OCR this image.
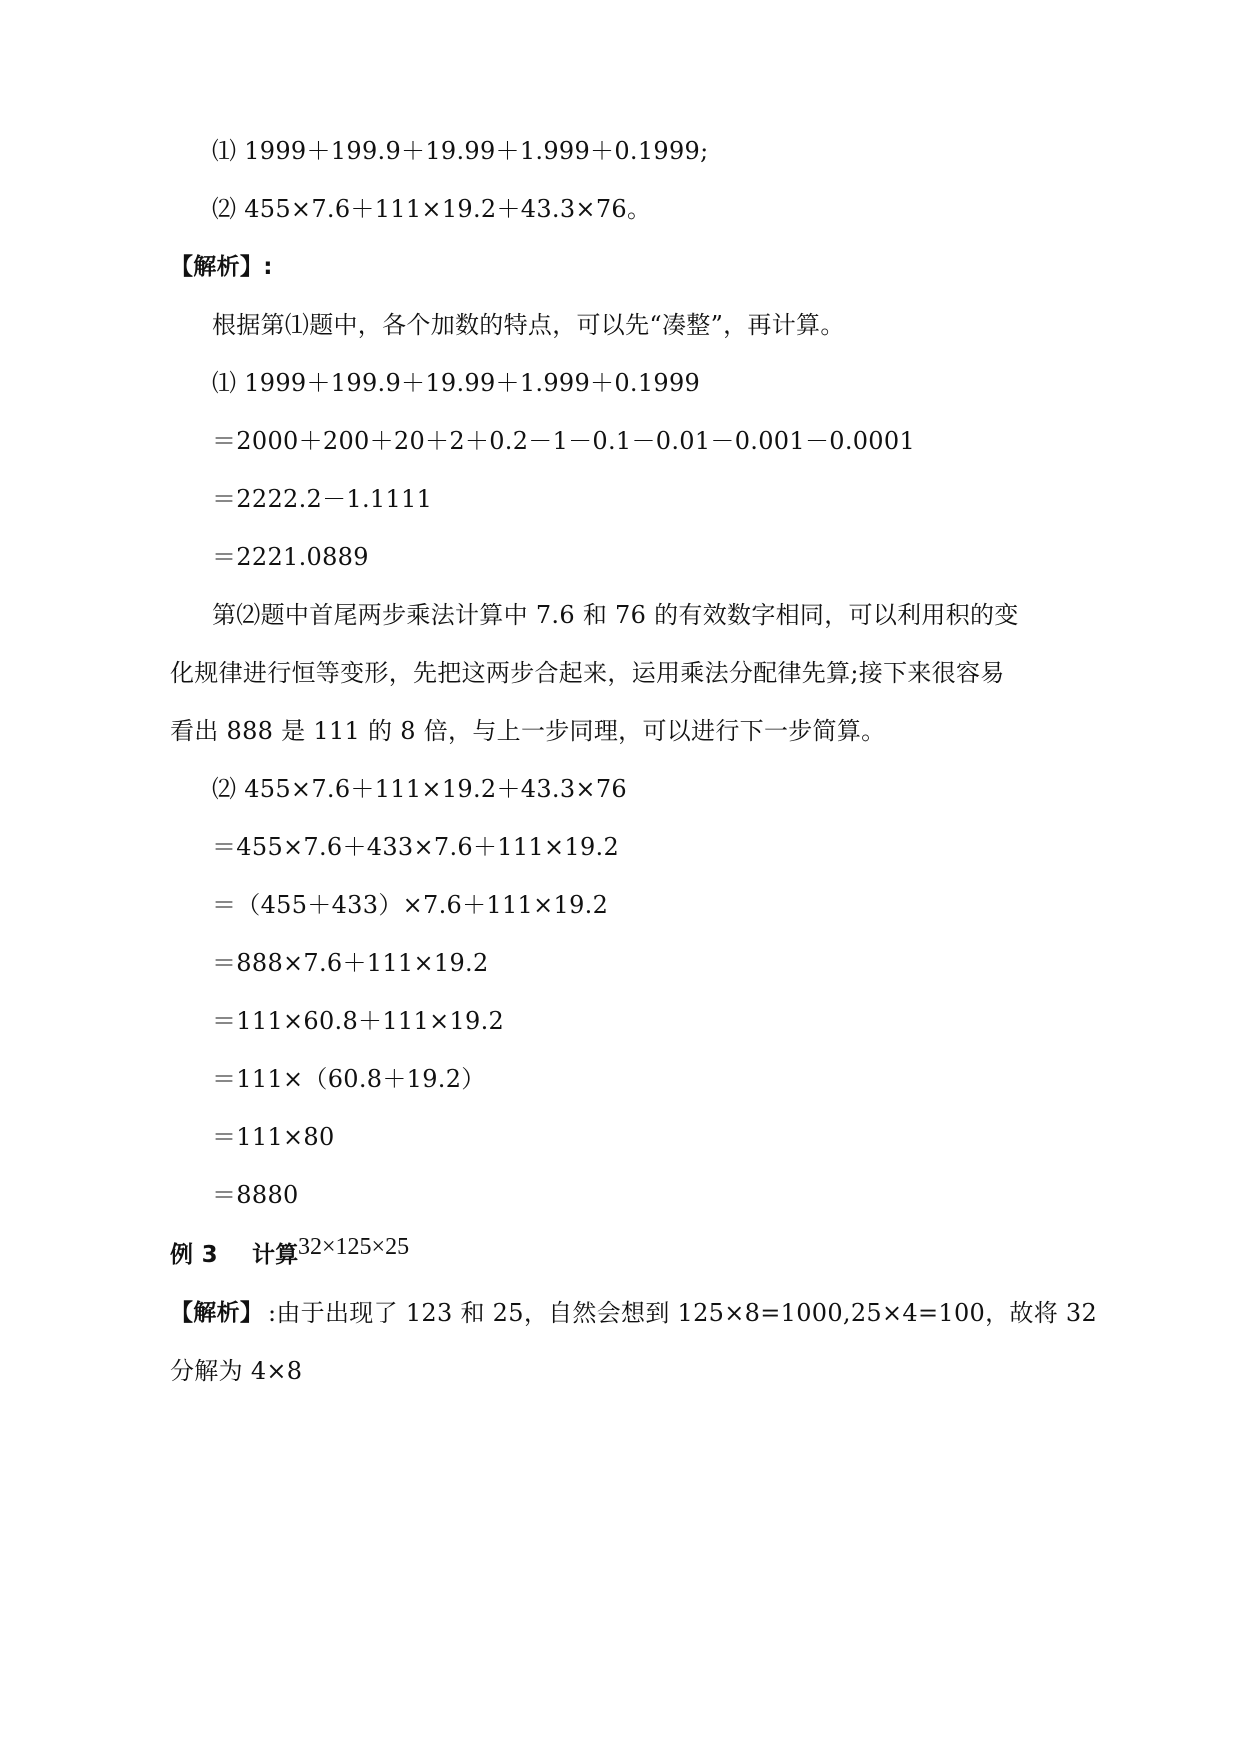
⑴ 1999＋199.9＋19.99＋1.999＋0.1999;
⑵ 455×7.6＋111×19.2＋43.3×76。
【解析】:
根据第⑴题中，各个加数的特点，可以先“凑整”，再计算。
⑴ 1999＋199.9＋19.99＋1.999＋0.1999
＝2000＋200＋20＋2＋0.2－1－0.1－0.01－0.001－0.0001
＝2222.2－1.1111
＝2221.0889
第⑵题中首尾两步乘法计算中 7.6 和 76 的有效数字相同，可以利用积的变
化规律进行恒等变形，先把这两步合起来，运用乘法分配律先算;接下来很容易
看出 888 是 111 的 8 倍，与上一步同理，可以进行下一步简算。
⑵ 455×7.6＋111×19.2＋43.3×76
＝455×7.6＋433×7.6＋111×19.2
＝（455＋433）×7.6＋111×19.2
＝888×7.6＋111×19.2
＝111×60.8＋111×19.2
＝111×（60.8＋19.2）
＝111×80
＝8880
例 3 计算 32×125×25
【解析】 :由于出现了 123 和 25，自然会想到 125×8=1000,25×4=100，故将 32
分解为 4×8
